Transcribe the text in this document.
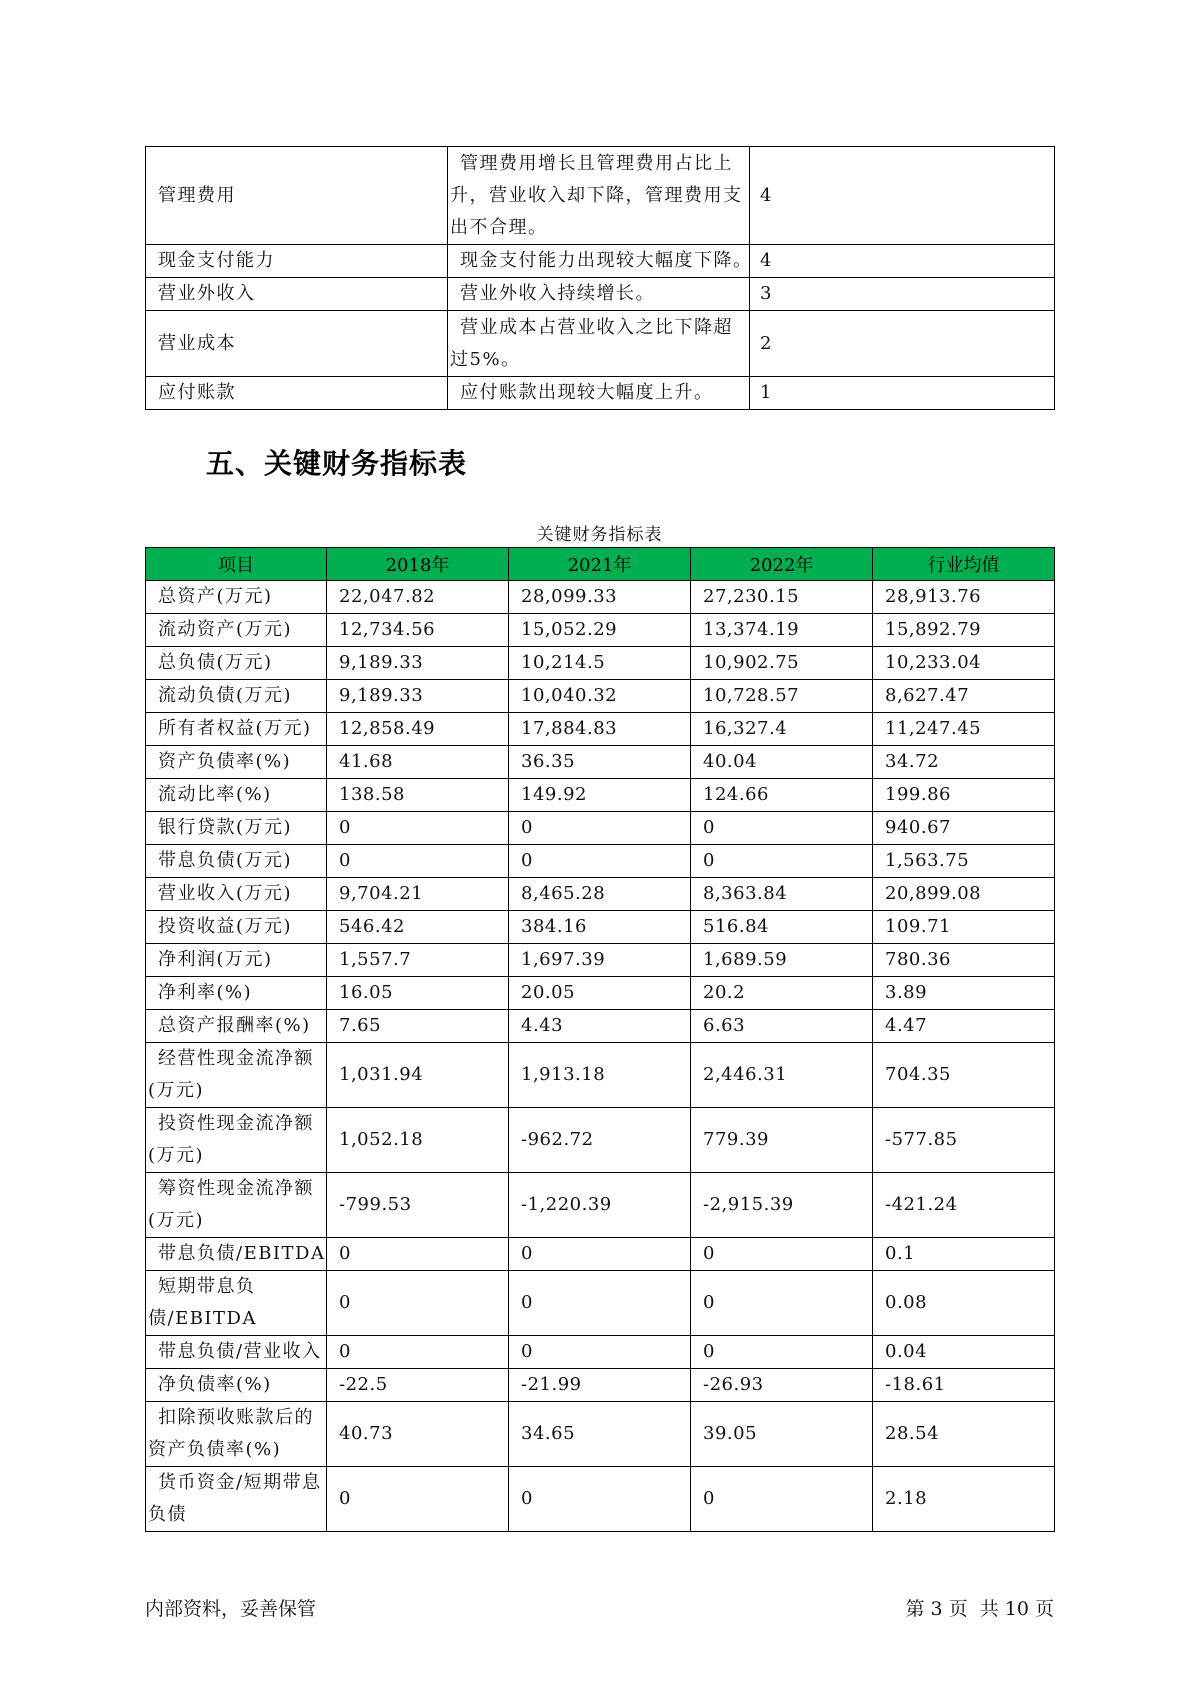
管理费用	管理费用增长且管理费用占比上升，营业收入却下降，管理费用支出不合理。	4
现金支付能力	现金支付能力出现较大幅度下降。	4
营业外收入	营业外收入持续增长。	3
营业成本	营业成本占营业收入之比下降超过5%。	2
应付账款	应付账款出现较大幅度上升。	1
五、关键财务指标表
关键财务指标表
项目	2018年	2021年	2022年	行业均值
总资产(万元)	22,047.82	28,099.33	27,230.15	28,913.76
流动资产(万元)	12,734.56	15,052.29	13,374.19	15,892.79
总负债(万元)	9,189.33	10,214.5	10,902.75	10,233.04
流动负债(万元)	9,189.33	10,040.32	10,728.57	8,627.47
所有者权益(万元)	12,858.49	17,884.83	16,327.4	11,247.45
资产负债率(%)	41.68	36.35	40.04	34.72
流动比率(%)	138.58	149.92	124.66	199.86
银行贷款(万元)	0	0	0	940.67
带息负债(万元)	0	0	0	1,563.75
营业收入(万元)	9,704.21	8,465.28	8,363.84	20,899.08
投资收益(万元)	546.42	384.16	516.84	109.71
净利润(万元)	1,557.7	1,697.39	1,689.59	780.36
净利率(%)	16.05	20.05	20.2	3.89
总资产报酬率(%)	7.65	4.43	6.63	4.47
经营性现金流净额(万元)	1,031.94	1,913.18	2,446.31	704.35
投资性现金流净额(万元)	1,052.18	-962.72	779.39	-577.85
筹资性现金流净额(万元)	-799.53	-1,220.39	-2,915.39	-421.24
带息负债/EBITDA	0	0	0	0.1
短期带息负债/EBITDA	0	0	0	0.08
带息负债/营业收入	0	0	0	0.04
净负债率(%)	-22.5	-21.99	-26.93	-18.61
扣除预收账款后的资产负债率(%)	40.73	34.65	39.05	28.54
货币资金/短期带息负债	0	0	0	2.18
内部资料，妥善保管	第 3 页  共 10 页
